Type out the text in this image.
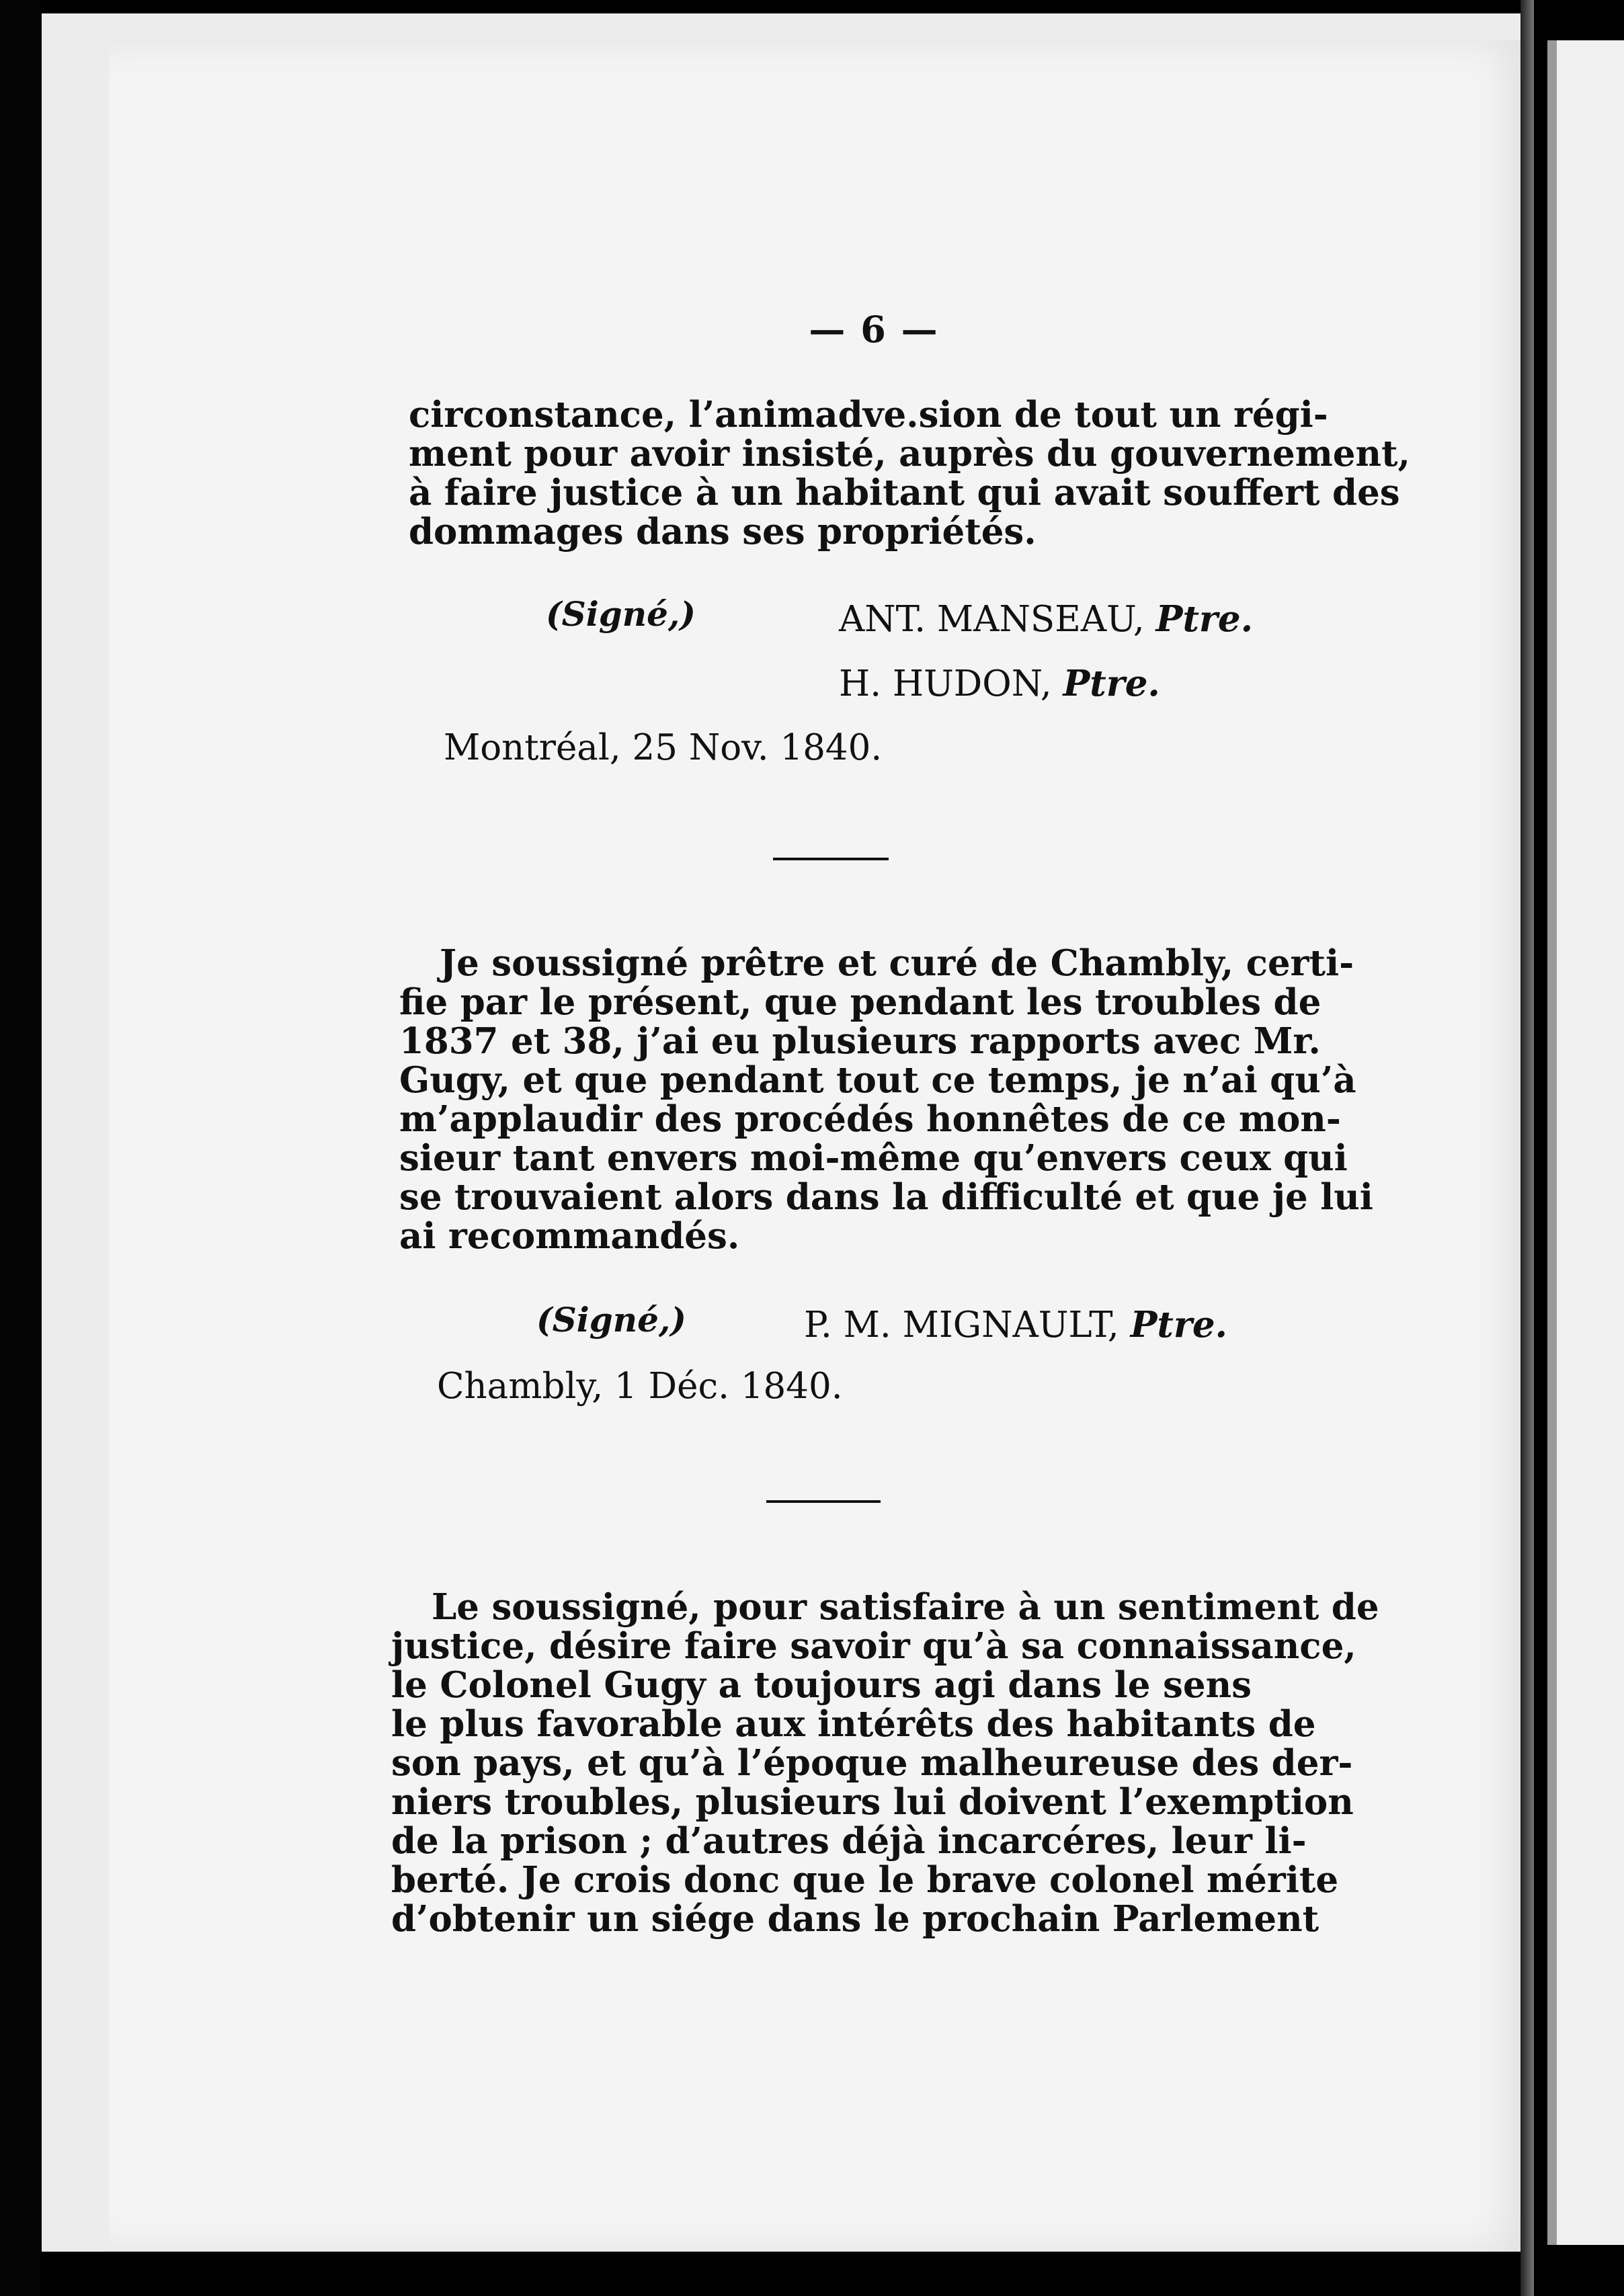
— 6 —
circonstance, l’animadve.sion de tout un régi-
ment pour avoir insisté, auprès du gouvernement,
à faire justice à un habitant qui avait souffert des
dommages dans ses propriétés.
(Signé,)	ANT. MANSEAU, Ptre.
H. HUDON, Ptre.
Montréal, 25 Nov. 1840.
Je soussigné prêtre et curé de Chambly, certi-
fie par le présent, que pendant les troubles de
1837 et 38, j’ai eu plusieurs rapports avec Mr.
Gugy, et que pendant tout ce temps, je n’ai qu’à
m’applaudir des procédés honnêtes de ce mon-
sieur tant envers moi-même qu’envers ceux qui
se trouvaient alors dans la difficulté et que je lui
ai recommandés.
(Signé,)	P. M. MIGNAULT, Ptre.
Chambly, 1 Déc. 1840.
Le soussigné, pour satisfaire à un sentiment de
justice, désire faire savoir qu’à sa connaissance,
le Colonel Gugy a toujours agi dans le sens
le plus favorable aux intérêts des habitants de
son pays, et qu’à l’époque malheureuse des der-
niers troubles, plusieurs lui doivent l’exemption
de la prison ; d’autres déjà incarcéres, leur li-
berté. Je crois donc que le brave colonel mérite
d’obtenir un siége dans le prochain Parlement
